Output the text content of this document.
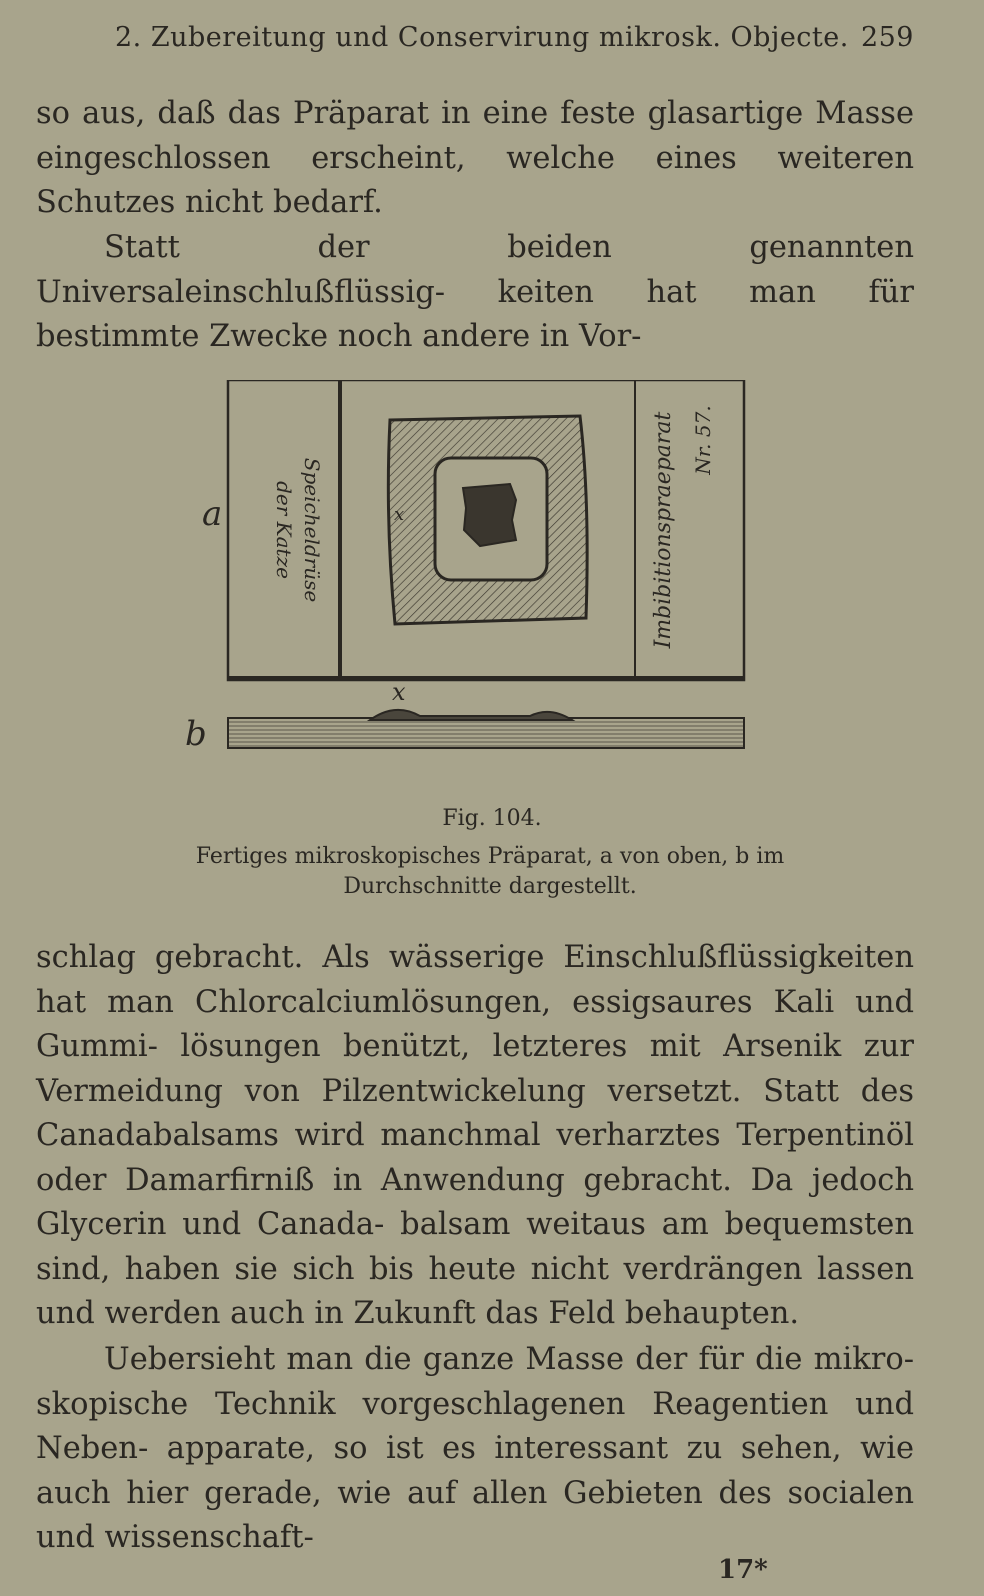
2. Zubereitung und Conservirung mikrosk. Objecte. 259

so aus, daß das Präparat in eine feste glasartige Masse eingeschlossen erscheint, welche eines weiteren Schutzes nicht bedarf.

Statt der beiden genannten Universaleinschlußflüssig- keiten hat man für bestimmte Zwecke noch andere in Vor-

a
b
x
x
Speicheldrüse
der Katze	Imbibitionspraeparat Nr. 57.
Fig. 104.
Fertiges mikroskopisches Präparat, a von oben, b im Durchschnitte dargestellt.

schlag gebracht. Als wässerige Einschlußflüssigkeiten hat man Chlorcalciumlösungen, essigsaures Kali und Gummi- lösungen benützt, letzteres mit Arsenik zur Vermeidung von Pilzentwickelung versetzt. Statt des Canadabalsams wird manchmal verharztes Terpentinöl oder Damarfirniß in Anwendung gebracht. Da jedoch Glycerin und Canada- balsam weitaus am bequemsten sind, haben sie sich bis heute nicht verdrängen lassen und werden auch in Zukunft das Feld behaupten.

Uebersieht man die ganze Masse der für die mikro- skopische Technik vorgeschlagenen Reagentien und Neben- apparate, so ist es interessant zu sehen, wie auch hier gerade, wie auf allen Gebieten des socialen und wissenschaft-

17*
